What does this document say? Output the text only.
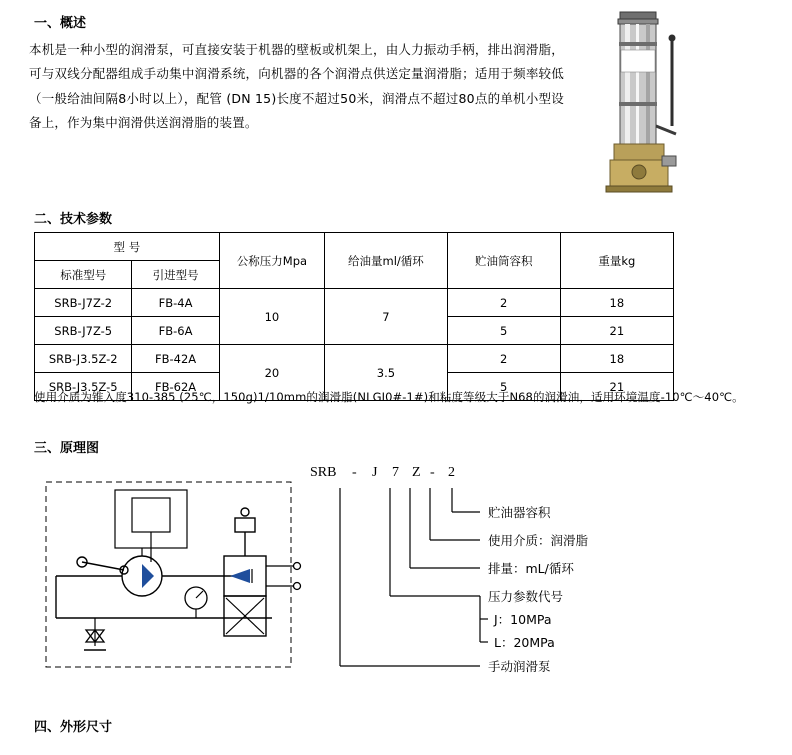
一、概述
本机是一种小型的润滑泵，可直接安装于机器的壁板或机架上，由人力振动手柄，排出润滑脂，可与双线分配器组成手动集中润滑系统，向机器的各个润滑点供送定量润滑脂；适用于频率较低（一般给油间隔8小时以上），配管 (DN 15)长度不超过50米，润滑点不超过80点的单机小型设备上，作为集中润滑供送润滑脂的装置。
二、技术参数
型 号		公称压力Mpa	给油量ml/循环	贮油筒容积	重量kg
标准型号	引进型号				
SRB-J7Z-2	FB-4A	10	7	2	18
SRB-J7Z-5	FB-6A			5	21
SRB-J3.5Z-2	FB-42A	20	3.5	2	18
SRB-J3.5Z-5	FB-62A			5	21
使用介质为锥入度310-385 (25℃，150g)1/10mm的润滑脂(NLGI0#-1#)和粘度等级大于N68的润滑油，适用环境温度-10℃～40℃。
三、原理图
SRB - J 7 Z - 2
贮油器容积
使用介质：润滑脂
排量：mL/循环
压力参数代号
J：10MPa
L：20MPa
手动润滑泵
四、外形尺寸
